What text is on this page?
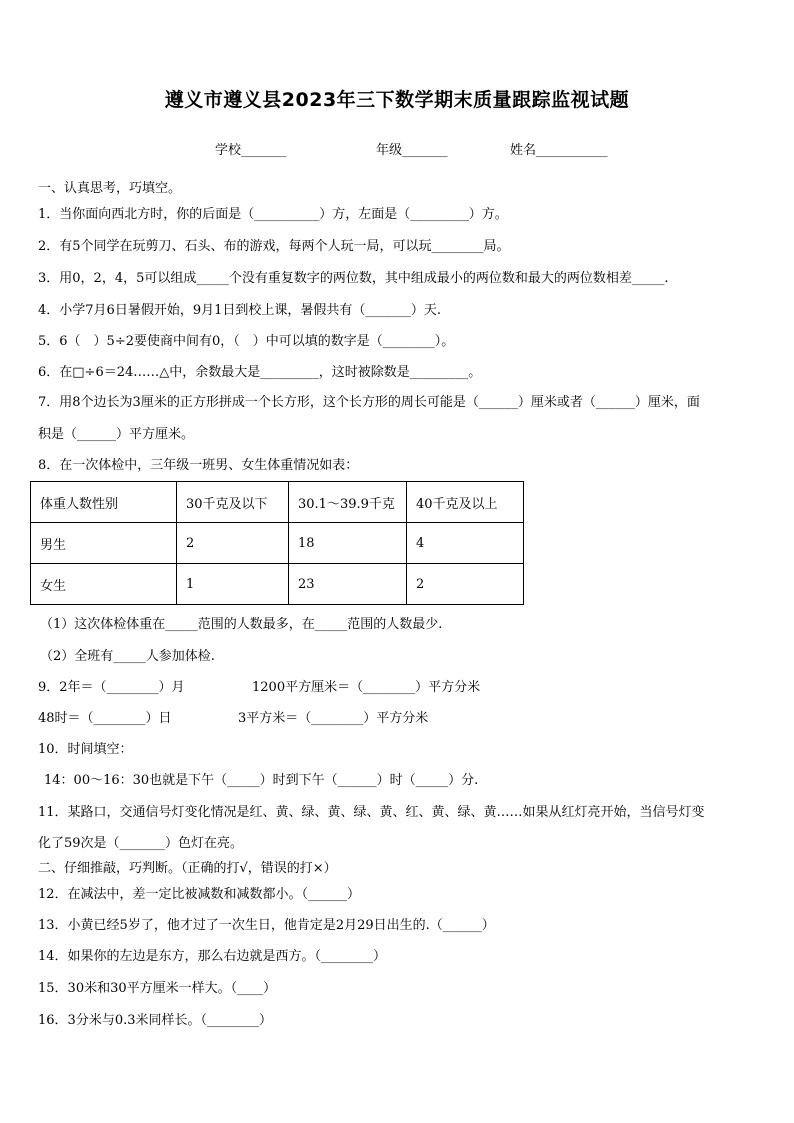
遵义市遵义县2023年三下数学期末质量跟踪监视试题
学校_______	年级_______	姓名___________
一、认真思考，巧填空。
1．当你面向西北方时，你的后面是（__________）方，左面是（_________）方。
2．有5个同学在玩剪刀、石头、布的游戏，每两个人玩一局，可以玩________局。
3．用0，2，4，5可以组成_____个没有重复数字的两位数，其中组成最小的两位数和最大的两位数相差_____.
4．小学7月6日暑假开始，9月1日到校上课，暑假共有（_______）天.
5．6（　）5÷2要使商中间有0，（　）中可以填的数字是（________）。
6．在□÷6＝24……△中，余数最大是_________，这时被除数是_________。
7．用8个边长为3厘米的正方形拼成一个长方形，这个长方形的周长可能是（______）厘米或者（______）厘米，面
积是（______）平方厘米。
8．在一次体检中，三年级一班男、女生体重情况如表：
体重人数性别	30千克及以下	30.1～39.9千克	40千克及以上
男生	2	18	4
女生	1	23	2
（1）这次体检体重在_____范围的人数最多，在_____范围的人数最少.
（2）全班有_____人参加体检.
9．2年＝（________）月	1200平方厘米＝（________）平方分米
48时＝（________）日	3平方米＝（________）平方分米
10．时间填空：
14：00～16：30也就是下午（_____）时到下午（______）时（_____）分.
11．某路口，交通信号灯变化情况是红、黄、绿、黄、绿、黄、红、黄、绿、黄……如果从红灯亮开始，当信号灯变
化了59次是（_______）色灯在亮。
二、仔细推敲，巧判断。（正确的打√，错误的打×）
12．在减法中，差一定比被减数和减数都小。（______）
13．小黄已经5岁了，他才过了一次生日，他肯定是2月29日出生的.（______）
14．如果你的左边是东方，那么右边就是西方。（________）
15．30米和30平方厘米一样大。（____）
16．3分米与0.3米同样长。（________）
